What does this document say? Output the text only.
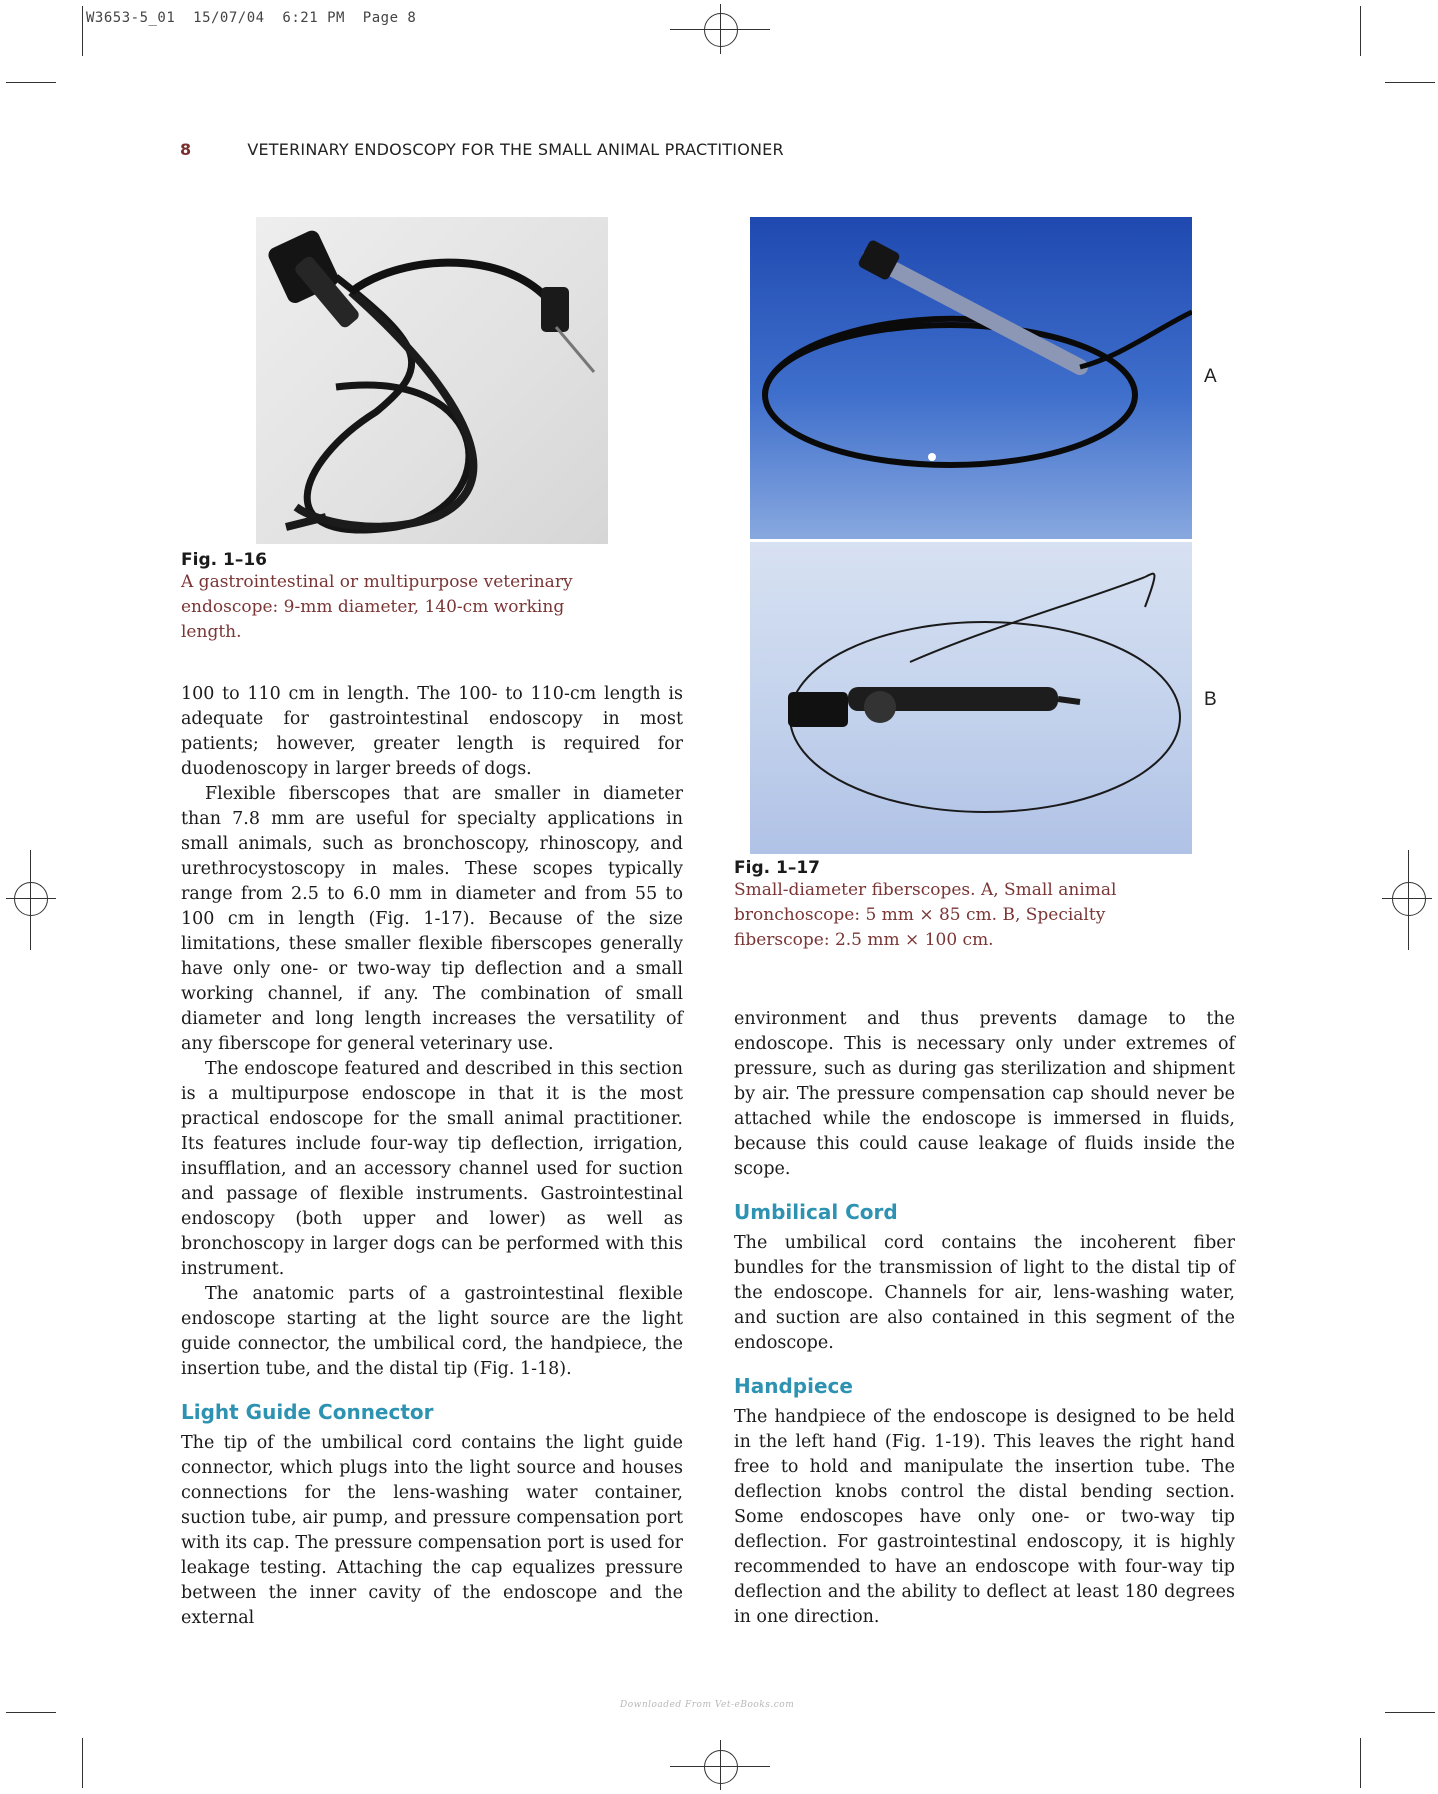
W3653-5_01  15/07/04  6:21 PM  Page 8
8	VETERINARY ENDOSCOPY FOR THE SMALL ANIMAL PRACTITIONER
Fig. 1–16
A gastrointestinal or multipurpose veterinary endoscope: 9-mm diameter, 140-cm working length.
A
B
Fig. 1–17
Small-diameter fiberscopes. A, Small animal bronchoscope: 5 mm × 85 cm. B, Specialty fiberscope: 2.5 mm × 100 cm.

100 to 110 cm in length. The 100- to 110-cm length is adequate for gastrointestinal endoscopy in most patients; however, greater length is required for duodenoscopy in larger breeds of dogs.

Flexible fiberscopes that are smaller in diameter than 7.8 mm are useful for specialty applications in small animals, such as bronchoscopy, rhinoscopy, and urethrocystoscopy in males. These scopes typically range from 2.5 to 6.0 mm in diameter and from 55 to 100 cm in length (Fig. 1-17). Because of the size limitations, these smaller flexible fiberscopes generally have only one- or two-way tip deflection and a small working channel, if any. The combination of small diameter and long length increases the versatility of any fiberscope for general veterinary use.

The endoscope featured and described in this section is a multipurpose endoscope in that it is the most practical endoscope for the small animal practitioner. Its features include four-way tip deflection, irrigation, insufflation, and an accessory channel used for suction and passage of flexible instruments. Gastrointestinal endoscopy (both upper and lower) as well as bronchoscopy in larger dogs can be performed with this instrument.

The anatomic parts of a gastrointestinal flexible endoscope starting at the light source are the light guide connector, the umbilical cord, the handpiece, the insertion tube, and the distal tip (Fig. 1-18).

Light Guide Connector

The tip of the umbilical cord contains the light guide connector, which plugs into the light source and houses connections for the lens-washing water container, suction tube, air pump, and pressure compensation port with its cap. The pressure compensation port is used for leakage testing. Attaching the cap equalizes pressure between the inner cavity of the endoscope and the external

environment and thus prevents damage to the endoscope. This is necessary only under extremes of pressure, such as during gas sterilization and shipment by air. The pressure compensation cap should never be attached while the endoscope is immersed in fluids, because this could cause leakage of fluids inside the scope.

Umbilical Cord

The umbilical cord contains the incoherent fiber bundles for the transmission of light to the distal tip of the endoscope. Channels for air, lens-washing water, and suction are also contained in this segment of the endoscope.

Handpiece

The handpiece of the endoscope is designed to be held in the left hand (Fig. 1-19). This leaves the right hand free to hold and manipulate the insertion tube. The deflection knobs control the distal bending section. Some endoscopes have only one- or two-way tip deflection. For gastrointestinal endoscopy, it is highly recommended to have an endoscope with four-way tip deflection and the ability to deflect at least 180 degrees in one direction.

Downloaded From Vet-eBooks.com
